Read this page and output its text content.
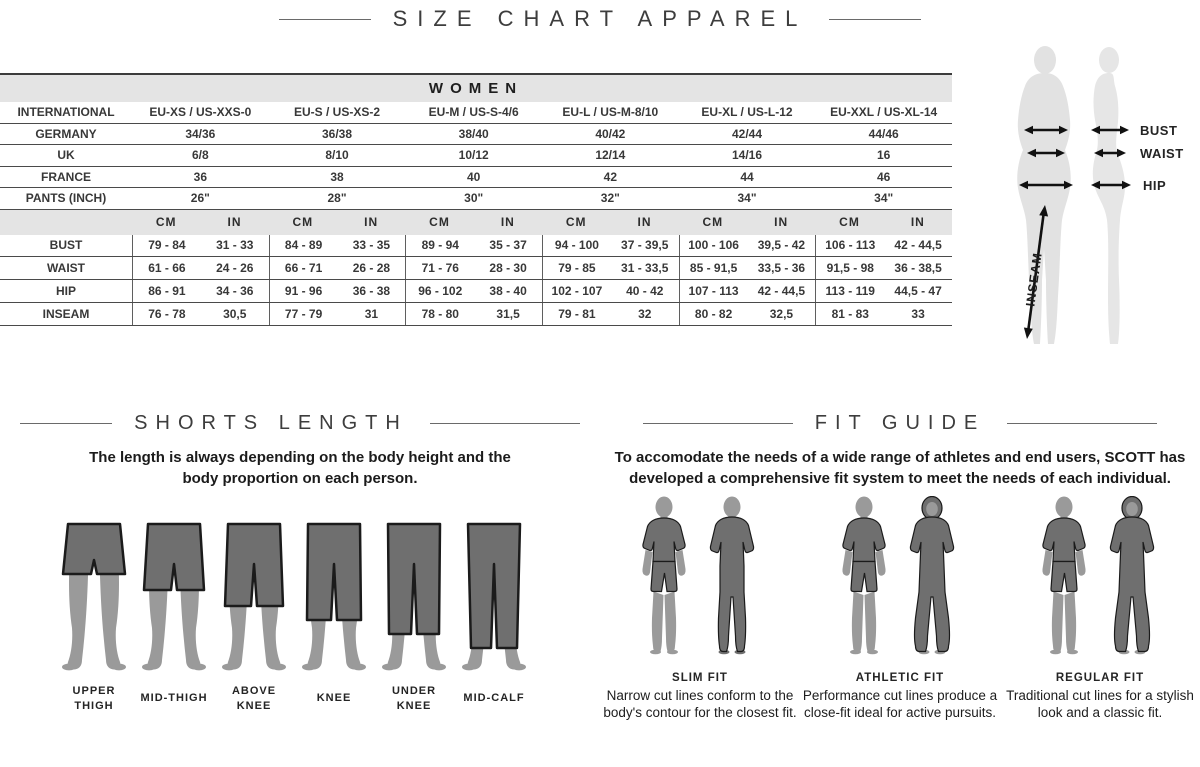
SIZE CHART APPAREL
WOMEN
INTERNATIONAL	EU-XS / US-XXS-0	EU-S / US-XS-2	EU-M / US-S-4/6	EU-L / US-M-8/10	EU-XL / US-L-12	EU-XXL / US-XL-14
GERMANY	34/36	36/38	38/40	40/42	42/44	44/46
UK	6/8	8/10	10/12	12/14	14/16	16
FRANCE	36	38	40	42	44	46
PANTS (INCH)	26"	28"	30"	32"	34"	34"
CM	IN	CM	IN	CM	IN	CM	IN	CM	IN	CM	IN
BUST	79 - 84	31 - 33	84 - 89	33 - 35	89 - 94	35 - 37	94 - 100	37 - 39,5	100 - 106	39,5 - 42	106 - 113	42 - 44,5
WAIST	61 - 66	24 - 26	66 - 71	26 - 28	71 - 76	28 - 30	79 - 85	31 - 33,5	85 - 91,5	33,5 - 36	91,5 - 98	36 - 38,5
HIP	86 - 91	34 - 36	91 - 96	36 - 38	96 - 102	38 - 40	102 - 107	40 - 42	107 - 113	42 - 44,5	113 - 119	44,5 - 47
INSEAM	76 - 78	30,5	77 - 79	31	78 - 80	31,5	79 - 81	32	80 - 82	32,5	81 - 83	33
BUST
WAIST
HIP
INSEAM
SHORTS LENGTH

The length is always depending on the body height and the body proportion on each person.

UPPER THIGH
MID-THIGH
ABOVE KNEE
KNEE
UNDER KNEE
MID-CALF
FIT GUIDE

To accomodate the needs of a wide range of athletes and end users, SCOTT has developed a comprehensive fit system to meet the needs of each individual.

SLIM FIT
Narrow cut lines conform to the body's contour for the closest fit.
ATHLETIC FIT
Performance cut lines produce a close-fit ideal for active pursuits.
REGULAR FIT
Traditional cut lines for a stylish look and a classic fit.
